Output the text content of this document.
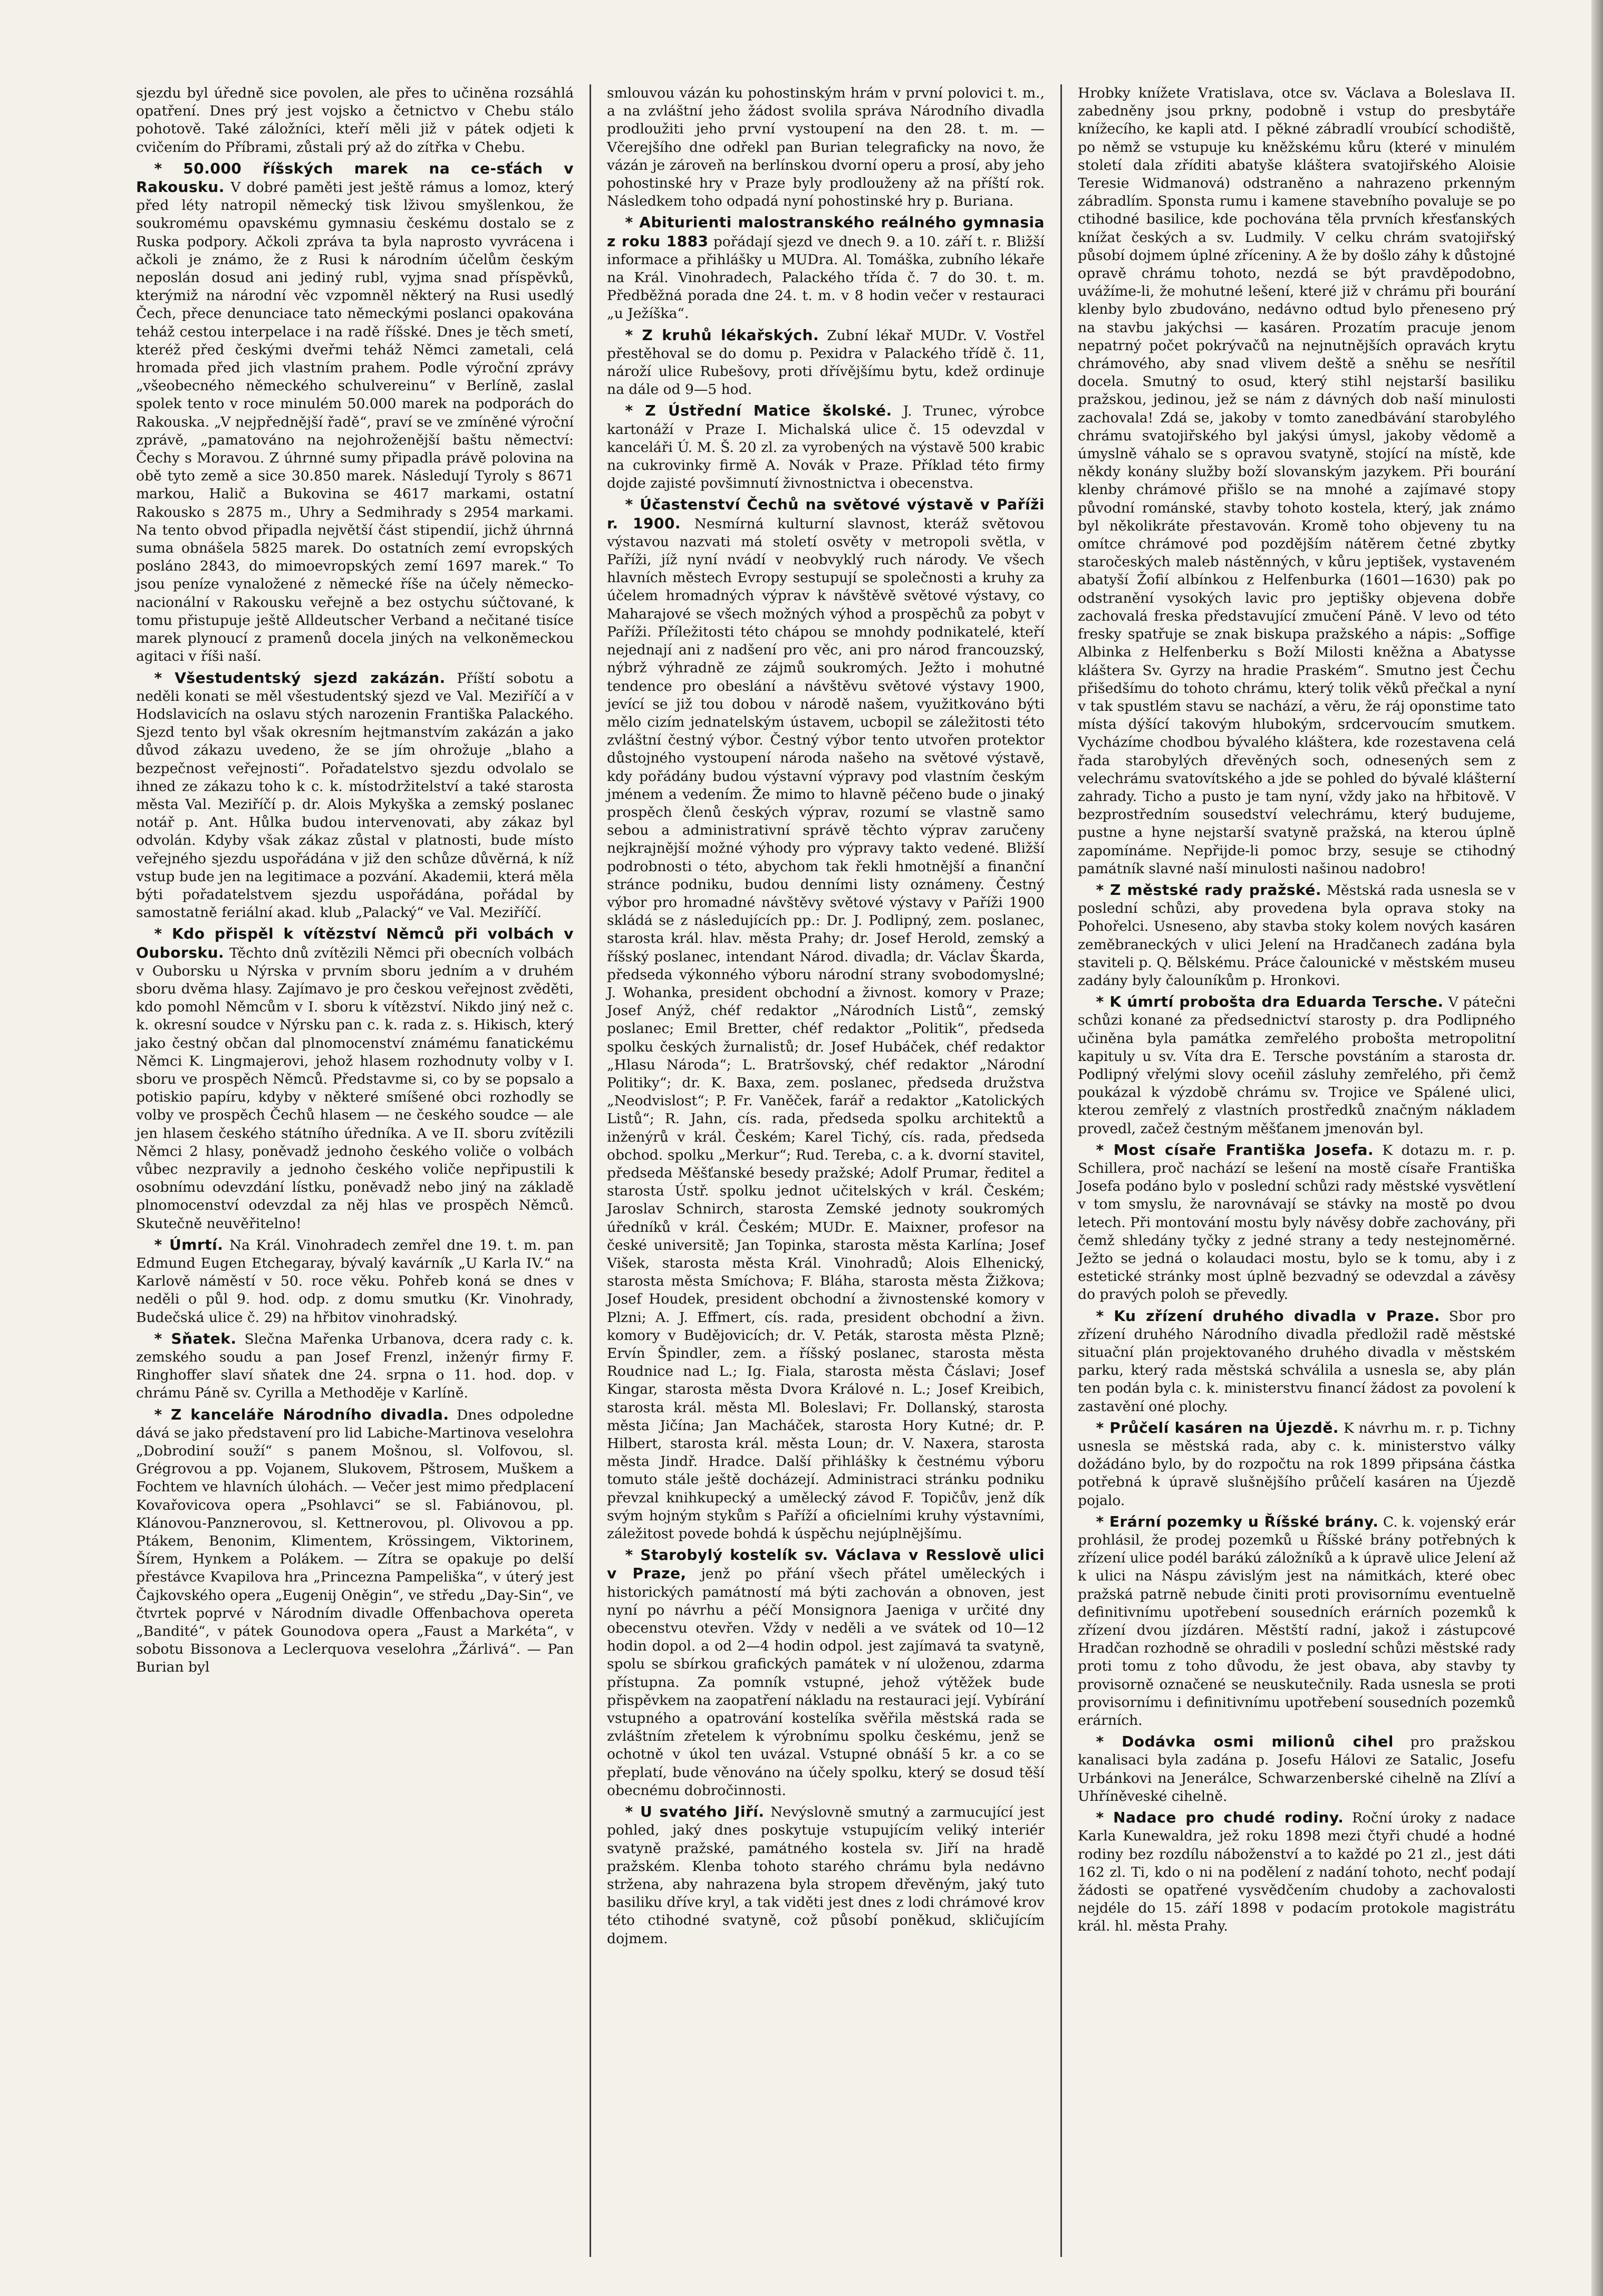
sjezdu byl úředně sice povolen, ale přes to učiněna rozsáhlá opatření. Dnes prý jest vojsko a četnictvo v Chebu stálo pohotově. Také záložníci, kteří měli již v pátek odjeti k cvičením do Příbrami, zůstali prý až do zítřka v Chebu.

* 50.000 říšských marek na ce-sťách v Rakousku. V dobré paměti jest ještě rámus a lomoz, který před léty natropil německý tisk lživou smyšlenkou, že soukromému opavskému gymnasiu českému dostalo se z Ruska podpory. Ačkoli zpráva ta byla naprosto vyvrácena i ačkoli je známo, že z Rusi k národním účelům českým neposlán dosud ani jediný rubl, vyjma snad příspěvků, kterýmiž na národní věc vzpomněl některý na Rusi usedlý Čech, přece denunciace tato německými poslanci opakována teháž cestou interpelace i na radě říšské. Dnes je těch smetí, kteréž před českými dveřmi teháž Němci zametali, celá hromada před jich vlastním prahem. Podle výroční zprávy „všeobecného německého schulvereinu“ v Berlíně, zaslal spolek tento v roce minulém 50.000 marek na podporách do Rakouska. „V nejpřednější řadě“, praví se ve zmíněné výroční zprávě, „pamatováno na nejohroženější baštu němectví: Čechy s Moravou. Z úhrnné sumy připadla právě polovina na obě tyto země a sice 30.850 marek. Následují Tyroly s 8671 markou, Halič a Bukovina se 4617 markami, ostatní Rakousko s 2875 m., Uhry a Sedmihrady s 2954 markami. Na tento obvod připadla největší část stipendií, jichž úhrnná suma obnášela 5825 marek. Do ostatních zemí evropských posláno 2843, do mimoevropských zemí 1697 marek.“ To jsou peníze vynaložené z německé říše na účely německo-nacionální v Rakousku veřejně a bez ostychu súčtované, k tomu přistupuje ještě Alldeutscher Verband a nečitané tisíce marek plynoucí z pramenů docela jiných na velkoněmeckou agitaci v říši naší.

* Všestudentský sjezd zakázán. Příští sobotu a neděli konati se měl všestudentský sjezd ve Val. Meziříčí a v Hodslavicích na oslavu stých narozenin Františka Palackého. Sjezd tento byl však okresním hejtmanstvím zakázán a jako důvod zákazu uvedeno, že se jím ohrožuje „blaho a bezpečnost veřejnosti“. Pořadatelstvo sjezdu odvolalo se ihned ze zákazu toho k c. k. místodržitelství a také starosta města Val. Meziříčí p. dr. Alois Mykyška a zemský poslanec notář p. Ant. Hůlka budou intervenovati, aby zákaz byl odvolán. Kdyby však zákaz zůstal v platnosti, bude místo veřejného sjezdu uspořádána v již den schůze důvěrná, k níž vstup bude jen na legitimace a pozvání. Akademii, která měla býti pořadatelstvem sjezdu uspořádána, pořádal by samostatně feriální akad. klub „Palacký“ ve Val. Meziříčí.

* Kdo přispěl k vítězství Němců při volbách v Ouborsku. Těchto dnů zvítězili Němci při obecních volbách v Ouborsku u Nýrska v prvním sboru jedním a v druhém sboru dvěma hlasy. Zajímavo je pro českou veřejnost zvěděti, kdo pomohl Němcům v I. sboru k vítězství. Nikdo jiný než c. k. okresní soudce v Nýrsku pan c. k. rada z. s. Hikisch, který jako čestný občan dal plnomocenství známému fanatickému Němci K. Lingmajerovi, jehož hlasem rozhodnuty volby v I. sboru ve prospěch Němců. Představme si, co by se popsalo a potiskio papíru, kdyby v některé smíšené obci rozhodly se volby ve prospěch Čechů hlasem — ne českého soudce — ale jen hlasem českého státního úředníka. A ve II. sboru zvítězili Němci 2 hlasy, poněvadž jednoho českého voliče o volbách vůbec nezpravily a jednoho českého voliče nepřipustili k osobnímu odevzdání lístku, poněvadž nebo jiný na základě plnomocenství odevzdal za něj hlas ve prospěch Němců. Skutečně neuvěřitelno!

* Úmrtí. Na Král. Vinohradech zemřel dne 19. t. m. pan Edmund Eugen Etchegaray, bývalý kavárník „U Karla IV.“ na Karlově náměstí v 50. roce věku. Pohřeb koná se dnes v neděli o půl 9. hod. odp. z domu smutku (Kr. Vinohrady, Budečská ulice č. 29) na hřbitov vinohradský.

* Sňatek. Slečna Mařenka Urbanova, dcera rady c. k. zemského soudu a pan Josef Frenzl, inženýr firmy F. Ringhoffer slaví sňatek dne 24. srpna o 11. hod. dop. v chrámu Páně sv. Cyrilla a Methoděje v Karlíně.

* Z kanceláře Národního divadla. Dnes odpoledne dává se jako představení pro lid Labiche-Martinova veselohra „Dobrodiní souží“ s panem Mošnou, sl. Volfovou, sl. Grégrovou a pp. Vojanem, Slukovem, Pštrosem, Muškem a Fochtem ve hlavních úlohách. — Večer jest mimo předplacení Kovařovicova opera „Psohlavci“ se sl. Fabiánovou, pl. Klánovou-Panznerovou, sl. Kettnerovou, pl. Olivovou a pp. Ptákem, Benonim, Klimentem, Krössingem, Viktorinem, Šírem, Hynkem a Polákem. — Zítra se opakuje po delší přestávce Kvapilova hra „Princezna Pampeliška“, v úterý jest Čajkovského opera „Eugenij Oněgin“, ve středu „Day-Sin“, ve čtvrtek poprvé v Národním divadle Offenbachova opereta „Bandité“, v pátek Gounodova opera „Faust a Markéta“, v sobotu Bissonova a Leclerquova veselohra „Žárlivá“. — Pan Burian byl

smlouvou vázán ku pohostinským hrám v první polovici t. m., a na zvláštní jeho žádost svolila správa Národního divadla prodloužiti jeho první vystoupení na den 28. t. m. — Včerejšího dne odřekl pan Burian telegraficky na novo, že vázán je zároveň na berlínskou dvorní operu a prosí, aby jeho pohostinské hry v Praze byly prodlouženy až na příští rok. Následkem toho odpadá nyní pohostinské hry p. Buriana.

* Abiturienti malostranského reálného gymnasia z roku 1883 pořádají sjezd ve dnech 9. a 10. září t. r. Bližší informace a přihlášky u MUDra. Al. Tomáška, zubního lékaře na Král. Vinohradech, Palackého třída č. 7 do 30. t. m. Předběžná porada dne 24. t. m. v 8 hodin večer v restauraci „u Ježíška“.

* Z kruhů lékařských. Zubní lékař MUDr. V. Vostřel přestěhoval se do domu p. Pexidra v Palackého třídě č. 11, nároží ulice Rubešovy, proti dřívějšímu bytu, kdež ordinuje na dále od 9—5 hod.

* Z Ústřední Matice školské. J. Trunec, výrobce kartonáží v Praze I. Michalská ulice č. 15 odevzdal v kanceláři Ú. M. Š. 20 zl. za vyrobených na výstavě 500 krabic na cukrovinky firmě A. Novák v Praze. Příklad této firmy dojde zajisté povšimnutí živnostnictva i obecenstva.

* Účastenství Čechů na světové výstavě v Paříži r. 1900. Nesmírná kulturní slavnost, kteráž světovou výstavou nazvati má století osvěty v metropoli světla, v Paříži, jíž nyní nvádí v neobvyklý ruch národy. Ve všech hlavních městech Evropy sestupují se společnosti a kruhy za účelem hromadných výprav k návštěvě světové výstavy, co Maharajové se všech možných výhod a prospěchů za pobyt v Paříži. Příležitosti této chápou se mnohdy podnikatelé, kteří nejednají ani z nadšení pro věc, ani pro národ francouzský, nýbrž výhradně ze zájmů soukromých. Ježto i mohutné tendence pro obeslání a návštěvu světové výstavy 1900, jevící se již tou dobou v národě našem, využitkováno býti mělo cizím jednatelským ústavem, ucbopil se záležitosti této zvláštní čestný výbor. Čestný výbor tento utvořen protektor důstojného vystoupení národa našeho na světové výstavě, kdy pořádány budou výstavní výpravy pod vlastním českým jménem a vedením. Že mimo to hlavně péčeno bude o jinaký prospěch členů českých výprav, rozumí se vlastně samo sebou a administrativní správě těchto výprav zaručeny nejkrajnější možné výhody pro výpravy takto vedené. Bližší podrobnosti o této, abychom tak řekli hmotnější a finanční stránce podniku, budou denními listy oznámeny. Čestný výbor pro hromadné návštěvy světové výstavy v Paříži 1900 skládá se z následujících pp.: Dr. J. Podlipný, zem. poslanec, starosta král. hlav. města Prahy; dr. Josef Herold, zemský a říšský poslanec, intendant Národ. divadla; dr. Václav Škarda, předseda výkonného výboru národní strany svobodomyslné; J. Wohanka, president obchodní a živnost. komory v Praze; Josef Anýž, chéf redaktor „Národních Listů“, zemský poslanec; Emil Bretter, chéf redaktor „Politik“, předseda spolku českých žurnalistů; dr. Josef Hubáček, chéf redaktor „Hlasu Národa“; L. Bratršovský, chéf redaktor „Národní Politiky“; dr. K. Baxa, zem. poslanec, předseda družstva „Neodvislost“; P. Fr. Vaněček, farář a redaktor „Katolických Listů“; R. Jahn, cís. rada, předseda spolku architektů a inženýrů v král. Českém; Karel Tichý, cís. rada, předseda obchod. spolku „Merkur“; Rud. Tereba, c. a k. dvorní stavitel, předseda Měšťanské besedy pražské; Adolf Prumar, ředitel a starosta Ústř. spolku jednot učitelských v král. Českém; Jaroslav Schnirch, starosta Zemské jednoty soukromých úředníků v král. Českém; MUDr. E. Maixner, profesor na české universitě; Jan Topinka, starosta města Karlína; Josef Višek, starosta města Král. Vinohradů; Alois Elhenický, starosta města Smíchova; F. Bláha, starosta města Žižkova; Josef Houdek, president obchodní a živnostenské komory v Plzni; A. J. Effmert, cís. rada, president obchodní a živn. komory v Budějovicích; dr. V. Peták, starosta města Plzně; Ervín Špindler, zem. a říšský poslanec, starosta města Roudnice nad L.; Ig. Fiala, starosta města Čáslavi; Josef Kingar, starosta města Dvora Králové n. L.; Josef Kreibich, starosta král. města Ml. Boleslavi; Fr. Dollanský, starosta města Jičína; Jan Macháček, starosta Hory Kutné; dr. P. Hilbert, starosta král. města Loun; dr. V. Naxera, starosta města Jindř. Hradce. Další přihlášky k čestnému výboru tomuto stále ještě docházejí. Administraci stránku podniku převzal knihkupecký a umělecký závod F. Topičův, jenž dík svým hojným stykům s Paříží a oficielními kruhy výstavními, záležitost povede bohdá k úspěchu nejúplnějšímu.

* Starobylý kostelík sv. Václava v Resslově ulici v Praze, jenž po přání všech přátel uměleckých i historických památností má býti zachován a obnoven, jest nyní po návrhu a péčí Monsignora Jaeniga v určité dny obecenstvu otevřen. Vždy v neděli a ve svátek od 10—12 hodin dopol. a od 2—4 hodin odpol. jest zajímavá ta svatyně, spolu se sbírkou graﬁckých památek v ní uloženou, zdarma přístupna. Za pomník vstupné, jehož výtěžek bude přispěvkem na zaopatření nákladu na restauraci její. Vybírání vstupného a opatrování kostelíka svěřila městská rada se zvláštním zřetelem k výrobnímu spolku českému, jenž se ochotně v úkol ten uvázal. Vstupné obnáší 5 kr. a co se přeplatí, bude věnováno na účely spolku, který se dosud těší obecnému dobročinnosti.

* U svatého Jiří. Nevýslovně smutný a zarmucující jest pohled, jaký dnes poskytuje vstupujícím veliký interiér svatyně pražské, památného kostela sv. Jiří na hradě pražském. Klenba tohoto starého chrámu byla nedávno stržena, aby nahrazena byla stropem dřevěným, jaký tuto basiliku dříve kryl, a tak viděti jest dnes z lodi chrámové krov této ctihodné svatyně, což působí poněkud, skličujícím dojmem.

Hrobky knížete Vratislava, otce sv. Václava a Boleslava II. zabedněny jsou prkny, podobně i vstup do presbytáře knížecího, ke kapli atd. I pěkné zábradlí vroubící schodiště, po němž se vstupuje ku kněžskému kůru (které v minulém století dala zříditi abatyše kláštera svatojiřského Aloisie Teresie Widmanová) odstraněno a nahrazeno prkenným zábradlím. Sponsta rumu i kamene stavebního povaluje se po ctihodné basilice, kde pochována těla prvních křesťanských knížat českých a sv. Ludmily. V celku chrám svatojiřský působí dojmem úplné zříceniny. A že by došlo záhy k důstojné opravě chrámu tohoto, nezdá se být pravděpodobno, uvážíme-li, že mohutné lešení, které již v chrámu při bourání klenby bylo zbudováno, nedávno odtud bylo přeneseno prý na stavbu jakýchsi — kasáren. Prozatím pracuje jenom nepatrný počet pokrývačů na nejnutnějších opravách krytu chrámového, aby snad vlivem deště a sněhu se nesřítil docela. Smutný to osud, který stihl nejstarší basiliku pražskou, jedinou, jež se nám z dávných dob naší minulosti zachovala! Zdá se, jakoby v tomto zanedbávání starobylého chrámu svatojiřského byl jakýsi úmysl, jakoby vědomě a úmyslně váhalo se s opravou svatyně, stojící na místě, kde někdy konány služby boží slovanským jazykem. Při bourání klenby chrámové přišlo se na mnohé a zajímavé stopy původní románské, stavby tohoto kostela, který, jak známo byl několikráte přestavován. Kromě toho objeveny tu na omítce chrámové pod pozdějším nátěrem četné zbytky staročeských maleb nástěnných, v kůru jeptišek, vystaveném abatyší Žofií albínkou z Helfenburka (1601—1630) pak po odstranění vysokých lavic pro jeptišky objevena dobře zachovalá freska představující zmučení Páně. V levo od této fresky spatřuje se znak biskupa pražského a nápis: „Soffige Albinka z Helfenberku s Boží Milosti kněžna a Abatysse kláštera Sv. Gyrzy na hradie Praském“. Smutno jest Čechu přišedšímu do tohoto chrámu, který tolik věků přečkal a nyní v tak spustlém stavu se nachází, a věru, že ráj oponstime tato místa dýšící takovým hlubokým, srdcervoucím smutkem. Vycházíme chodbou bývalého kláštera, kde rozestavena celá řada starobylých dřevěných soch, odnesených sem z velechrámu svatovítského a jde se pohled do bývalé klášterní zahrady. Ticho a pusto je tam nyní, vždy jako na hřbitově. V bezprostředním sousedství velechrámu, který budujeme, pustne a hyne nejstarší svatyně pražská, na kterou úplně zapomínáme. Nepřijde-li pomoc brzy, sesuje se ctihodný památník slavné naší minulosti našinou nadobro!

* Z městské rady pražské. Městská rada usnesla se v poslední schůzi, aby provedena byla oprava stoky na Pohořelci. Usneseno, aby stavba stoky kolem nových kasáren zeměbraneckých v ulici Jelení na Hradčanech zadána byla staviteli p. Q. Bělskému. Práce čalounické v městském museu zadány byly čalouníkům p. Hronkovi.

* K úmrtí probošta dra Eduarda Tersche. V pátečni schůzi konané za předsednictví starosty p. dra Podlipného učiněna byla památka zemřelého probošta metropolitní kapituly u sv. Víta dra E. Tersche povstáním a starosta dr. Podlipný vřelými slovy oceňil zásluhy zemřelého, při čemž poukázal k výzdobě chrámu sv. Trojice ve Spálené ulici, kterou zemřelý z vlastních prostředků značným nákladem provedl, začež čestným měšťanem jmenován byl.

* Most císaře Františka Josefa. K dotazu m. r. p. Schillera, proč nachází se lešení na mostě císaře Františka Josefa podáno bylo v poslední schůzi rady městské vysvětlení v tom smyslu, že narovnávají se stávky na mostě po dvou letech. Při montování mostu byly návěsy dobře zachovány, při čemž shledány tyčky z jedné strany a tedy nestejnoměrné. Ježto se jedná o kolaudaci mostu, bylo se k tomu, aby i z estetické stránky most úplně bezvadný se odevzdal a závěsy do pravých poloh se převedly.

* Ku zřízení druhého divadla v Praze. Sbor pro zřízení druhého Národního divadla předložil radě městské situační plán projektovaného druhého divadla v městském parku, který rada městská schválila a usnesla se, aby plán ten podán byla c. k. ministerstvu financí žádost za povolení k zastavění oné plochy.

* Průčelí kasáren na Újezdě. K návrhu m. r. p. Tichny usnesla se městská rada, aby c. k. ministerstvo války dožádáno bylo, by do rozpočtu na rok 1899 připsána částka potřebná k úpravě slušnějšího průčelí kasáren na Újezdě pojalo.

* Erární pozemky u Říšské brány. C. k. vojenský erár prohlásil, že prodej pozemků u Říšské brány potřebných k zřízení ulice podél barákú záložníků a k úpravě ulice Jelení až k ulici na Náspu závislým jest na námitkách, které obec pražská patrně nebude činiti proti provisornímu eventuelně definitivnímu upotřebení sousedních erárních pozemků k zřízení dvou jízdáren. Městští radní, jakož i zástupcové Hradčan rozhodně se ohradili v poslední schůzi městské rady proti tomu z toho důvodu, že jest obava, aby stavby ty provisorně označené se neuskutečnily. Rada usnesla se proti provisornímu i definitivnímu upotřebení sousedních pozemků erárních.

* Dodávka osmi milionů cihel pro pražskou kanalisaci byla zadána p. Josefu Hálovi ze Satalic, Josefu Urbánkovi na Jenerálce, Schwarzenberské cihelně na Zlíví a Uhříněveské cihelně.

* Nadace pro chudé rodiny. Roční úroky z nadace Karla Kunewaldra, jež roku 1898 mezi čtyři chudé a hodné rodiny bez rozdílu náboženství a to každé po 21 zl., jest dáti 162 zl. Ti, kdo o ni na podělení z nadání tohoto, nechť podají žádosti se opatřené vysvědčením chudoby a zachovalosti nejdéle do 15. září 1898 v podacím protokole magistrátu král. hl. města Prahy.
